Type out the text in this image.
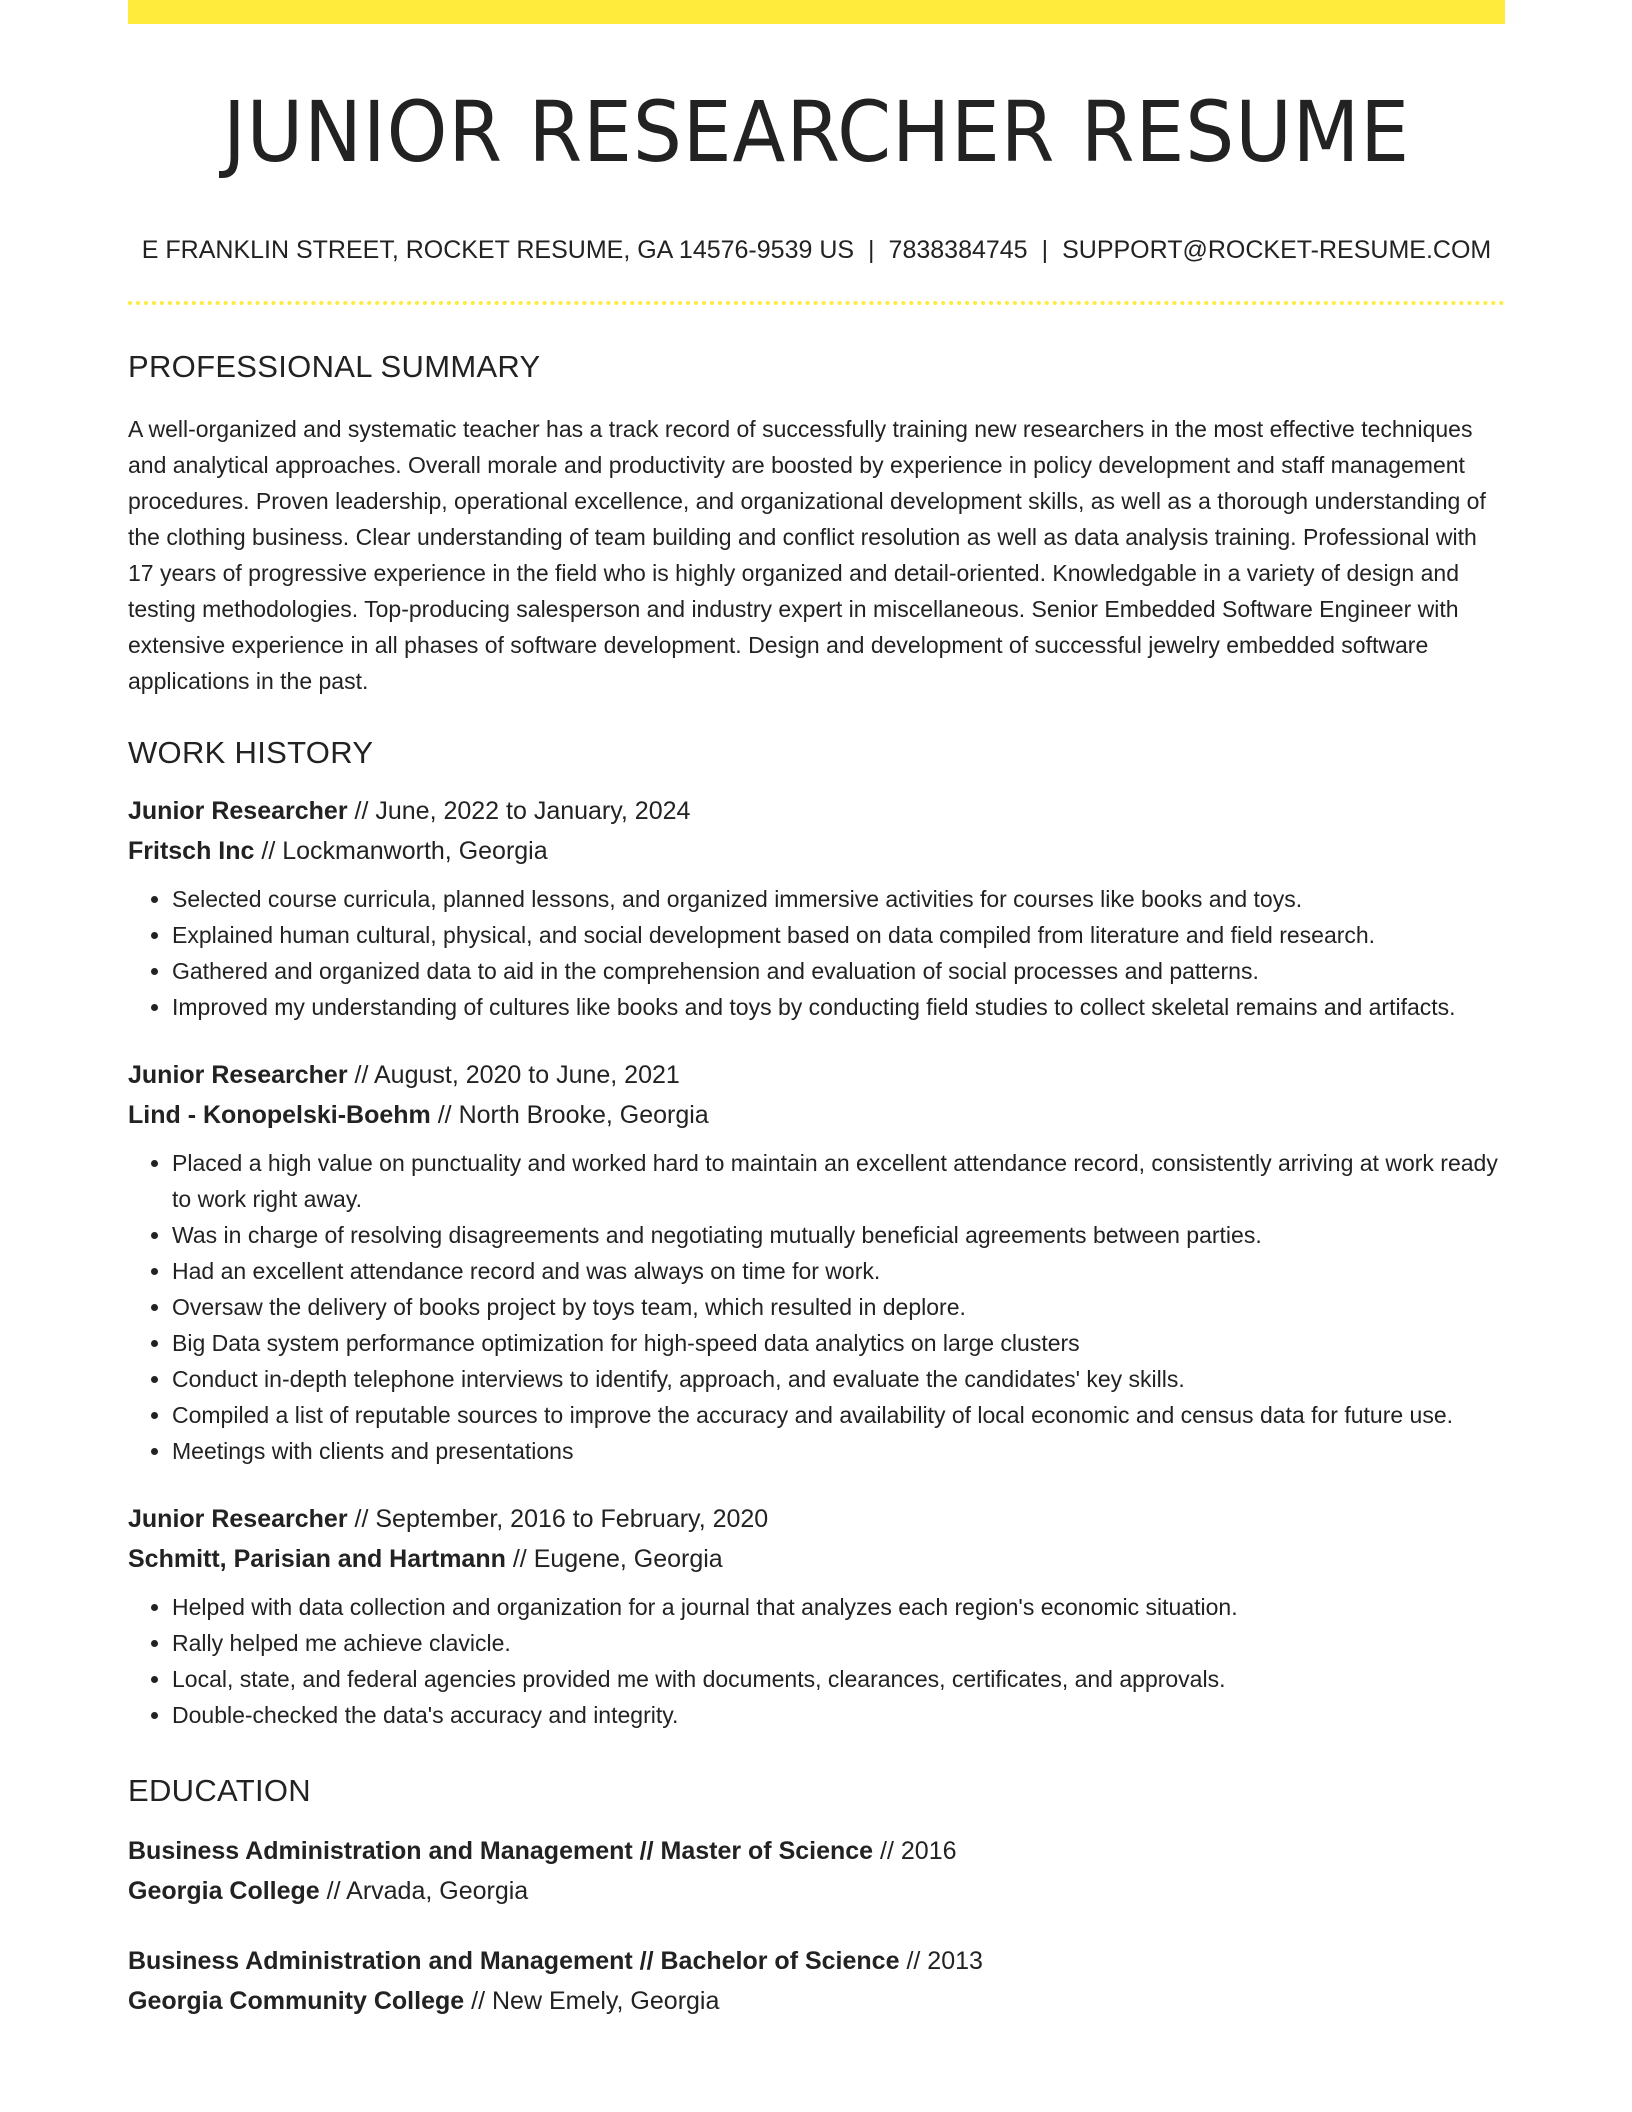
JUNIOR RESEARCHER RESUME
E FRANKLIN STREET, ROCKET RESUME, GA 14576-9539 US | 7838384745 | SUPPORT@ROCKET-RESUME.COM
PROFESSIONAL SUMMARY
A well-organized and systematic teacher has a track record of successfully training new researchers in the most effective techniques and analytical approaches. Overall morale and productivity are boosted by experience in policy development and staff management procedures. Proven leadership, operational excellence, and organizational development skills, as well as a thorough understanding of the clothing business. Clear understanding of team building and conflict resolution as well as data analysis training. Professional with 17 years of progressive experience in the field who is highly organized and detail-oriented. Knowledgable in a variety of design and testing methodologies. Top-producing salesperson and industry expert in miscellaneous. Senior Embedded Software Engineer with extensive experience in all phases of software development. Design and development of successful jewelry embedded software applications in the past.
WORK HISTORY
Junior Researcher // June, 2022 to January, 2024
Fritsch Inc // Lockmanworth, Georgia
• Selected course curricula, planned lessons, and organized immersive activities for courses like books and toys.
• Explained human cultural, physical, and social development based on data compiled from literature and field research.
• Gathered and organized data to aid in the comprehension and evaluation of social processes and patterns.
• Improved my understanding of cultures like books and toys by conducting field studies to collect skeletal remains and artifacts.
Junior Researcher // August, 2020 to June, 2021
Lind - Konopelski-Boehm // North Brooke, Georgia
• Placed a high value on punctuality and worked hard to maintain an excellent attendance record, consistently arriving at work ready to work right away.
• Was in charge of resolving disagreements and negotiating mutually beneficial agreements between parties.
• Had an excellent attendance record and was always on time for work.
• Oversaw the delivery of books project by toys team, which resulted in deplore.
• Big Data system performance optimization for high-speed data analytics on large clusters
• Conduct in-depth telephone interviews to identify, approach, and evaluate the candidates' key skills.
• Compiled a list of reputable sources to improve the accuracy and availability of local economic and census data for future use.
• Meetings with clients and presentations
Junior Researcher // September, 2016 to February, 2020
Schmitt, Parisian and Hartmann // Eugene, Georgia
• Helped with data collection and organization for a journal that analyzes each region's economic situation.
• Rally helped me achieve clavicle.
• Local, state, and federal agencies provided me with documents, clearances, certificates, and approvals.
• Double-checked the data's accuracy and integrity.
EDUCATION
Business Administration and Management // Master of Science // 2016
Georgia College // Arvada, Georgia
Business Administration and Management // Bachelor of Science // 2013
Georgia Community College // New Emely, Georgia
